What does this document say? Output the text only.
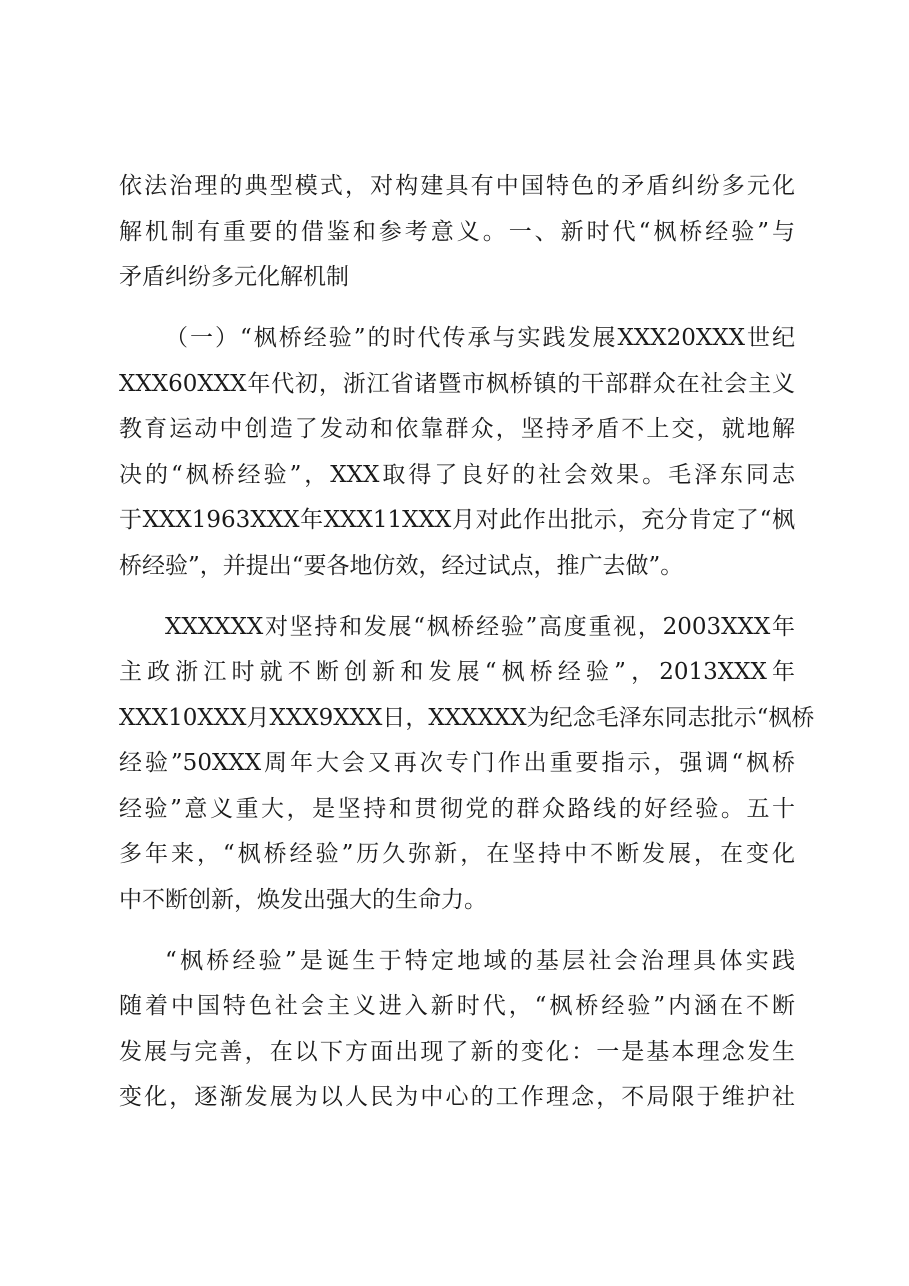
依法治理的典型模式，对构建具有中国特色的矛盾纠纷多元化
解机制有重要的借鉴和参考意义。一、新时代“枫桥经验”与
矛盾纠纷多元化解机制
（一）“枫桥经验”的时代传承与实践发展XXX20XXX世纪
XXX60XXX年代初，浙江省诸暨市枫桥镇的干部群众在社会主义
教育运动中创造了发动和依靠群众，坚持矛盾不上交，就地解
决的“枫桥经验”，XXX取得了良好的社会效果。毛泽东同志
于XXX1963XXX年XXX11XXX月对此作出批示，充分肯定了“枫
桥经验”，并提出“要各地仿效，经过试点，推广去做”。
XXXXXX对坚持和发展“枫桥经验”高度重视，2003XXX年
主政浙江时就不断创新和发展“枫桥经验”，2013XXX年
XXX10XXX月XXX9XXX日，XXXXXX为纪念毛泽东同志批示“枫桥
经验”50XXX周年大会又再次专门作出重要指示，强调“枫桥
经验”意义重大，是坚持和贯彻党的群众路线的好经验。五十
多年来，“枫桥经验”历久弥新，在坚持中不断发展，在变化
中不断创新，焕发出强大的生命力。
“枫桥经验”是诞生于特定地域的基层社会治理具体实践
随着中国特色社会主义进入新时代，“枫桥经验”内涵在不断
发展与完善，在以下方面出现了新的变化：一是基本理念发生
变化，逐渐发展为以人民为中心的工作理念，不局限于维护社
